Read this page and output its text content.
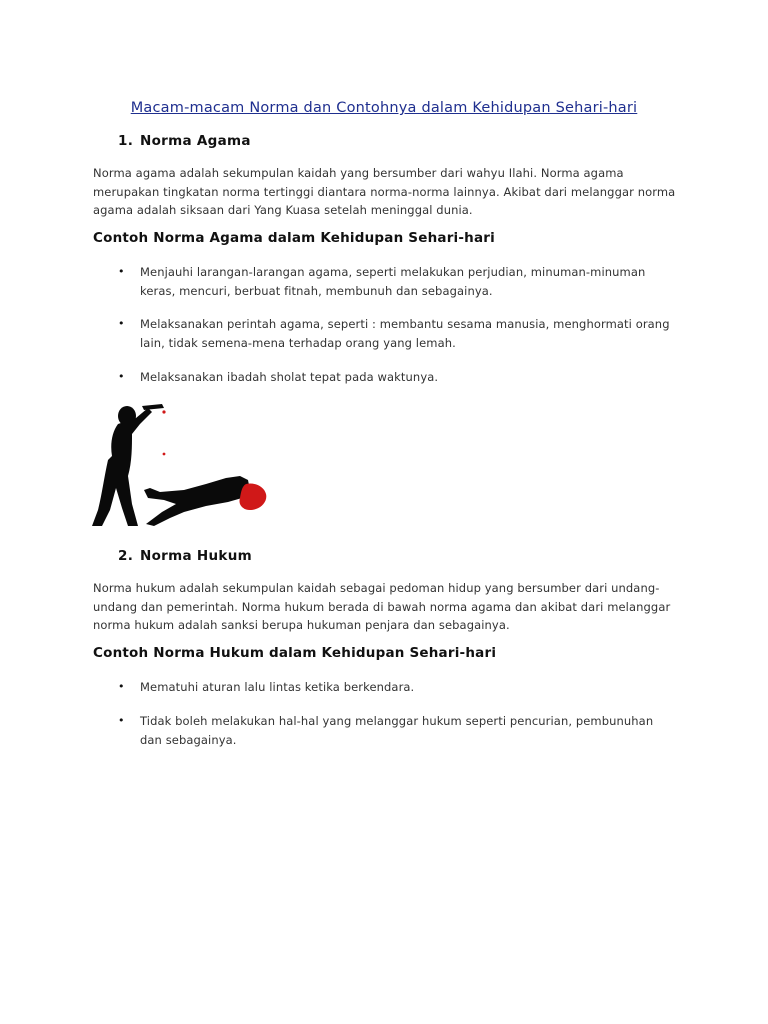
Macam-macam Norma dan Contohnya dalam Kehidupan Sehari-hari
1. Norma Agama
Norma agama adalah sekumpulan kaidah yang bersumber dari wahyu Ilahi. Norma agama
merupakan tingkatan norma tertinggi diantara norma-norma lainnya. Akibat dari melanggar norma
agama adalah siksaan dari Yang Kuasa setelah meninggal dunia.
Contoh Norma Agama dalam Kehidupan Sehari-hari
• Menjauhi larangan-larangan agama, seperti melakukan perjudian, minuman-minuman
keras, mencuri, berbuat fitnah, membunuh dan sebagainya.
• Melaksanakan perintah agama, seperti : membantu sesama manusia, menghormati orang
lain, tidak semena-mena terhadap orang yang lemah.
• Melaksanakan ibadah sholat tepat pada waktunya.
2. Norma Hukum
Norma hukum adalah sekumpulan kaidah sebagai pedoman hidup yang bersumber dari undang-
undang dan pemerintah. Norma hukum berada di bawah norma agama dan akibat dari melanggar
norma hukum adalah sanksi berupa hukuman penjara dan sebagainya.
Contoh Norma Hukum dalam Kehidupan Sehari-hari
• Mematuhi aturan lalu lintas ketika berkendara.
• Tidak boleh melakukan hal-hal yang melanggar hukum seperti pencurian, pembunuhan
dan sebagainya.
